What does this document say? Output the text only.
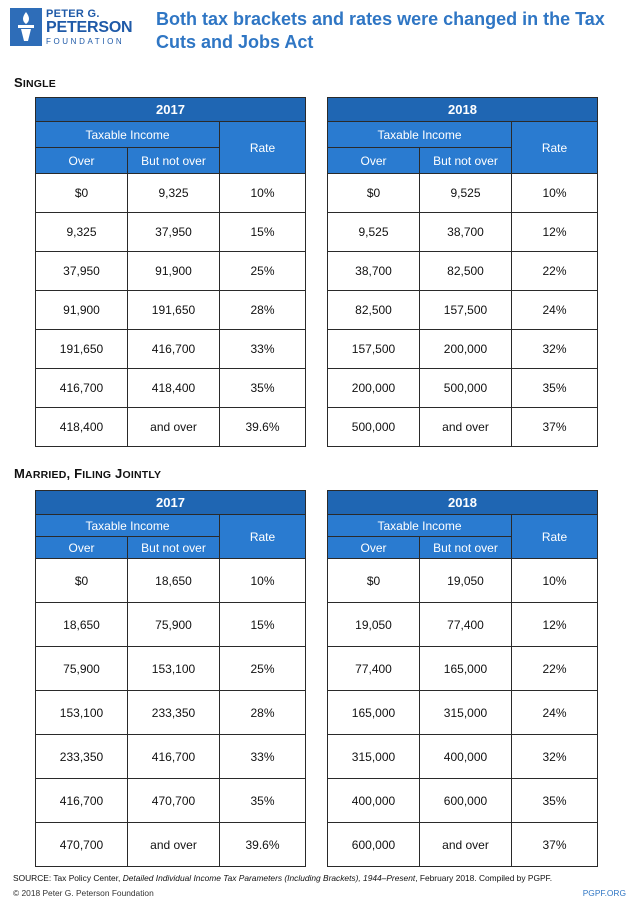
PETER G.
PETERSON
FOUNDATION
Both tax brackets and rates were changed in the Tax Cuts and Jobs Act
SINGLE
MARRIED, FILING JOINTLY
2017		
Taxable Income		Rate
Over	But not over	
$0	9,325	10%
9,325	37,950	15%
37,950	91,900	25%
91,900	191,650	28%
191,650	416,700	33%
416,700	418,400	35%
418,400	and over	39.6%
2018		
Taxable Income		Rate
Over	But not over	
$0	9,525	10%
9,525	38,700	12%
38,700	82,500	22%
82,500	157,500	24%
157,500	200,000	32%
200,000	500,000	35%
500,000	and over	37%
2017		
Taxable Income		Rate
Over	But not over	
$0	18,650	10%
18,650	75,900	15%
75,900	153,100	25%
153,100	233,350	28%
233,350	416,700	33%
416,700	470,700	35%
470,700	and over	39.6%
2018		
Taxable Income		Rate
Over	But not over	
$0	19,050	10%
19,050	77,400	12%
77,400	165,000	22%
165,000	315,000	24%
315,000	400,000	32%
400,000	600,000	35%
600,000	and over	37%
SOURCE: Tax Policy Center, Detailed Individual Income Tax Parameters (Including Brackets), 1944–Present, February 2018. Compiled by PGPF.
© 2018 Peter G. Peterson Foundation	PGPF.ORG
